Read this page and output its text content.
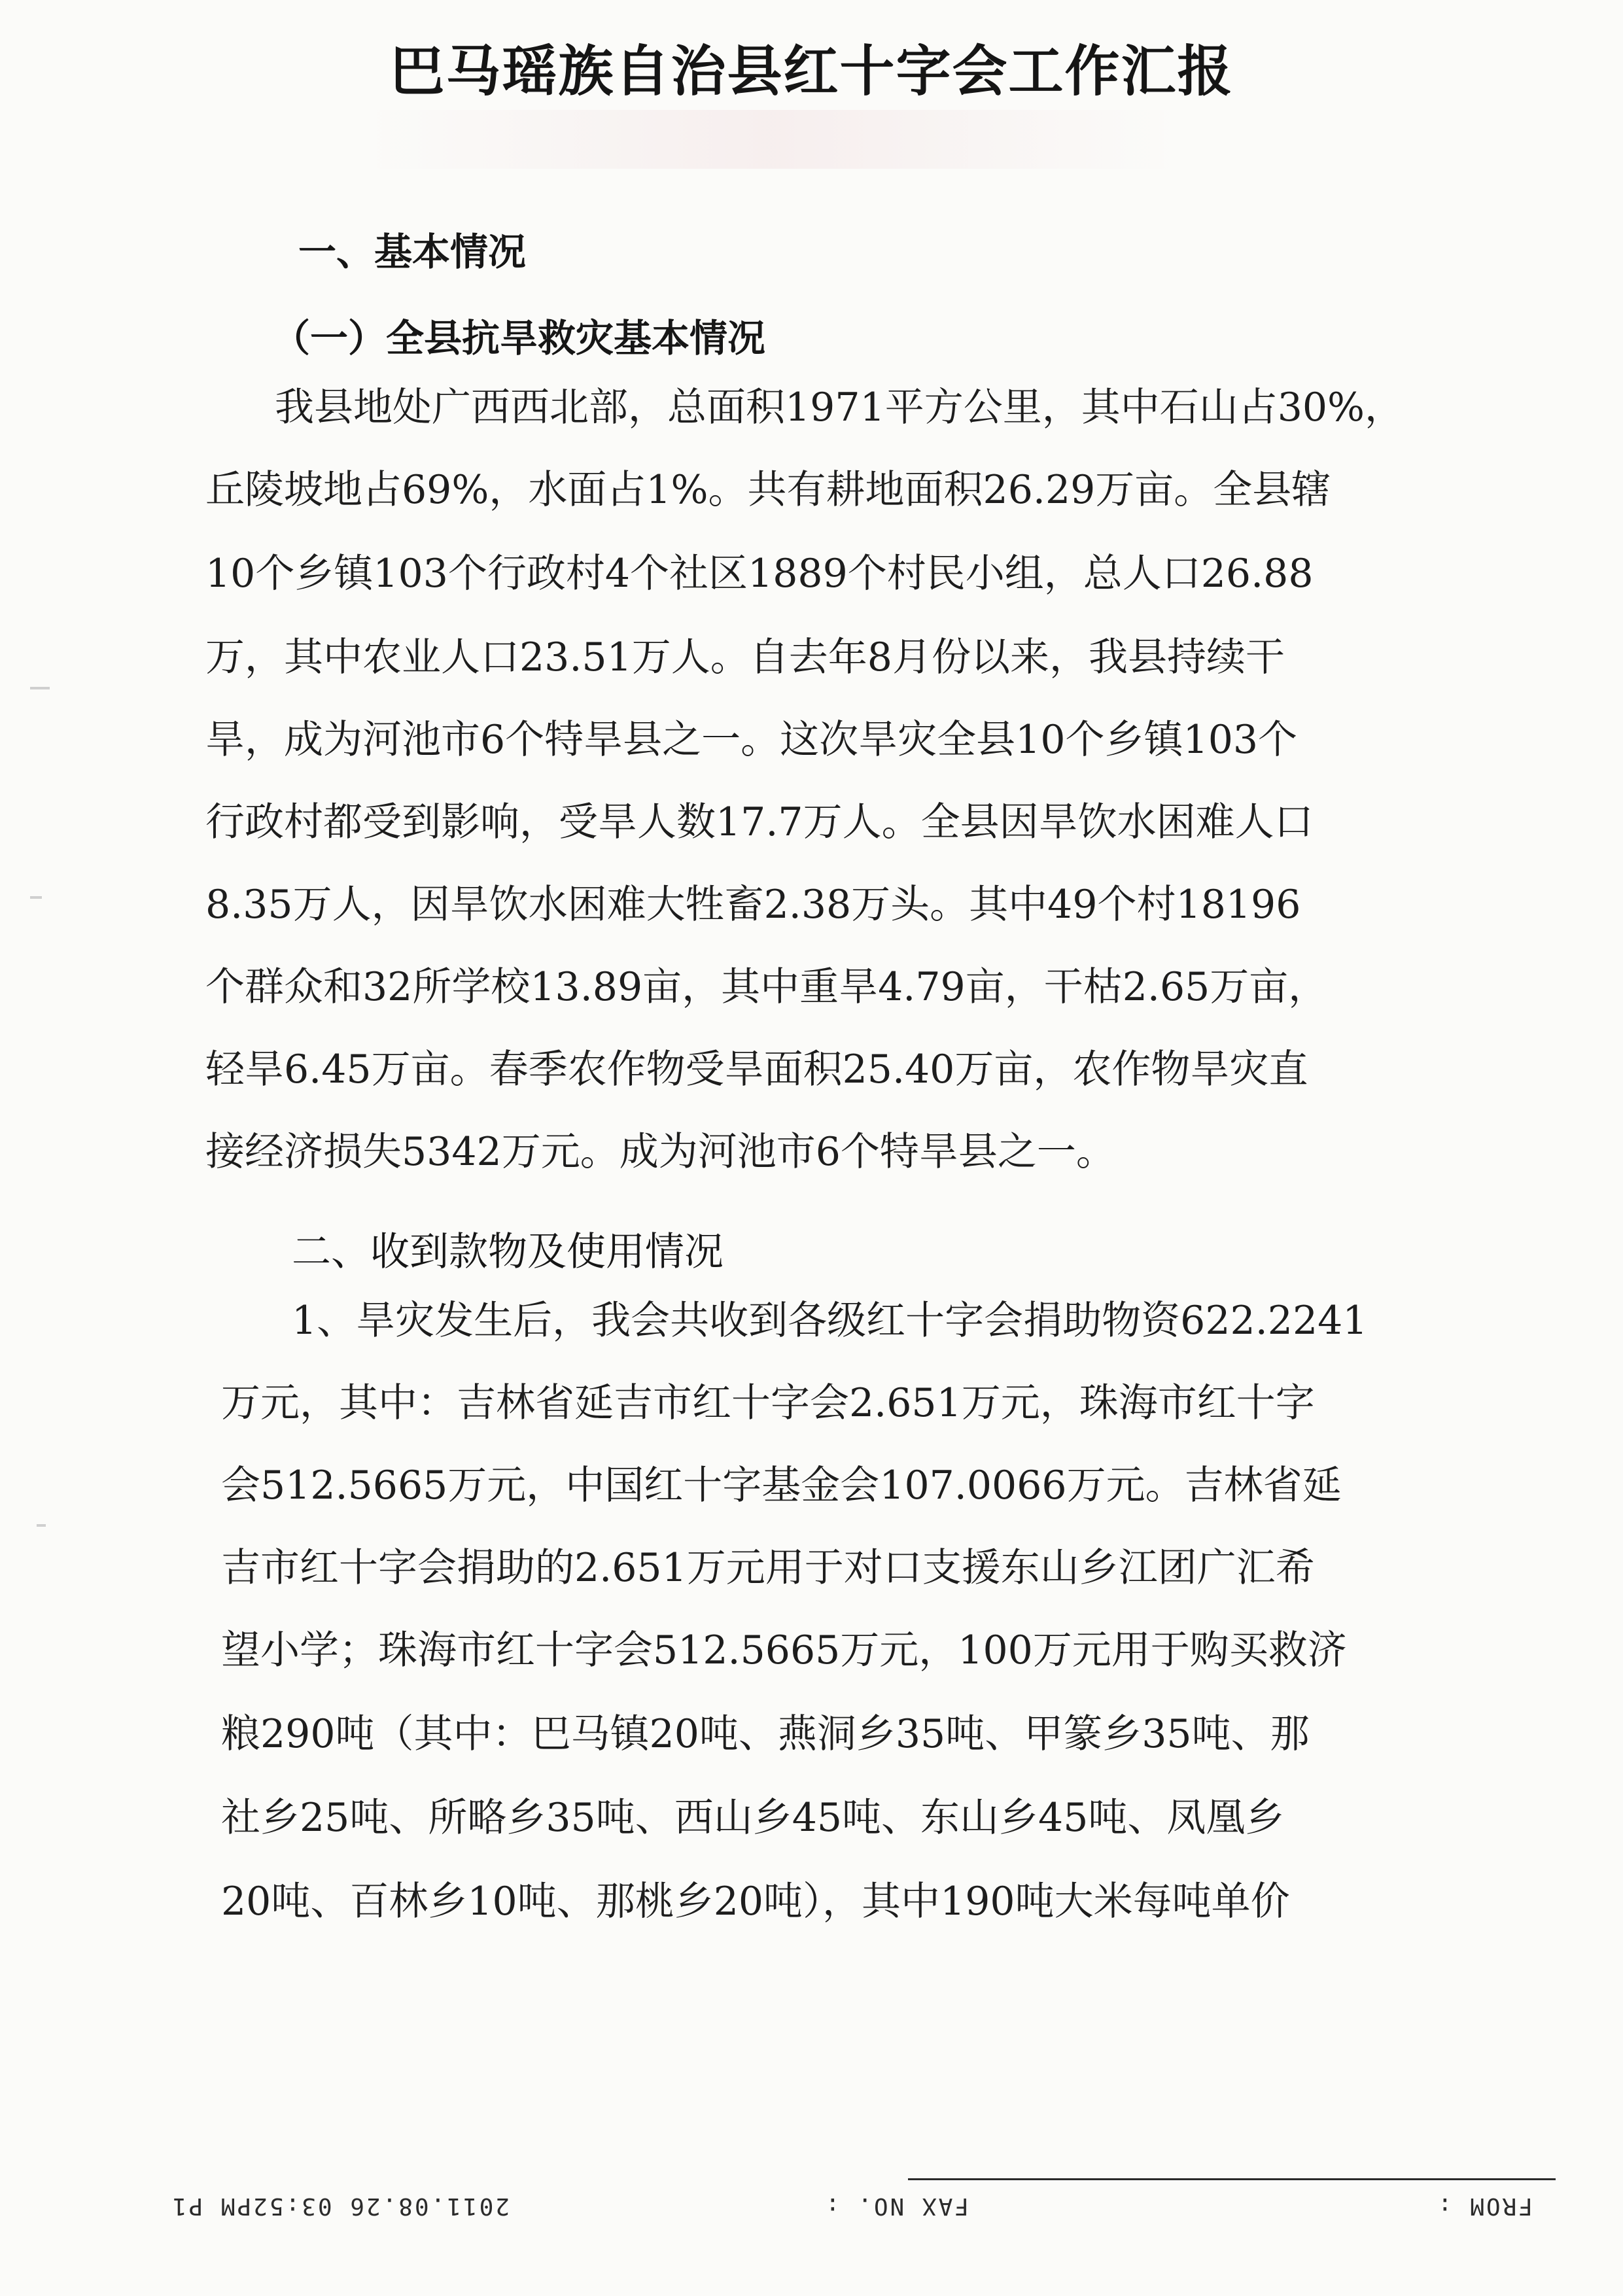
巴马瑶族自治县红十字会工作汇报
一、基本情况
（一）全县抗旱救灾基本情况
我县地处广西西北部，总面积1971平方公里，其中石山占30%，
丘陵坡地占69%，水面占1%。共有耕地面积26.29万亩。全县辖
10个乡镇103个行政村4个社区1889个村民小组，总人口26.88
万，其中农业人口23.51万人。自去年8月份以来，我县持续干
旱，成为河池市6个特旱县之一。这次旱灾全县10个乡镇103个
行政村都受到影响，受旱人数17.7万人。全县因旱饮水困难人口
8.35万人，因旱饮水困难大牲畜2.38万头。其中49个村18196
个群众和32所学校13.89亩，其中重旱4.79亩，干枯2.65万亩，
轻旱6.45万亩。春季农作物受旱面积25.40万亩，农作物旱灾直
接经济损失5342万元。成为河池市6个特旱县之一。
二、收到款物及使用情况
1、旱灾发生后，我会共收到各级红十字会捐助物资622.2241
万元，其中：吉林省延吉市红十字会2.651万元，珠海市红十字
会512.5665万元，中国红十字基金会107.0066万元。吉林省延
吉市红十字会捐助的2.651万元用于对口支援东山乡江团广汇希
望小学；珠海市红十字会512.5665万元，100万元用于购买救济
粮290吨（其中：巴马镇20吨、燕洞乡35吨、甲篆乡35吨、那
社乡25吨、所略乡35吨、西山乡45吨、东山乡45吨、凤凰乡
20吨、百林乡10吨、那桃乡20吨），其中190吨大米每吨单价
FROM :
FAX NO. :
2011.08.26 03:52PM P1
